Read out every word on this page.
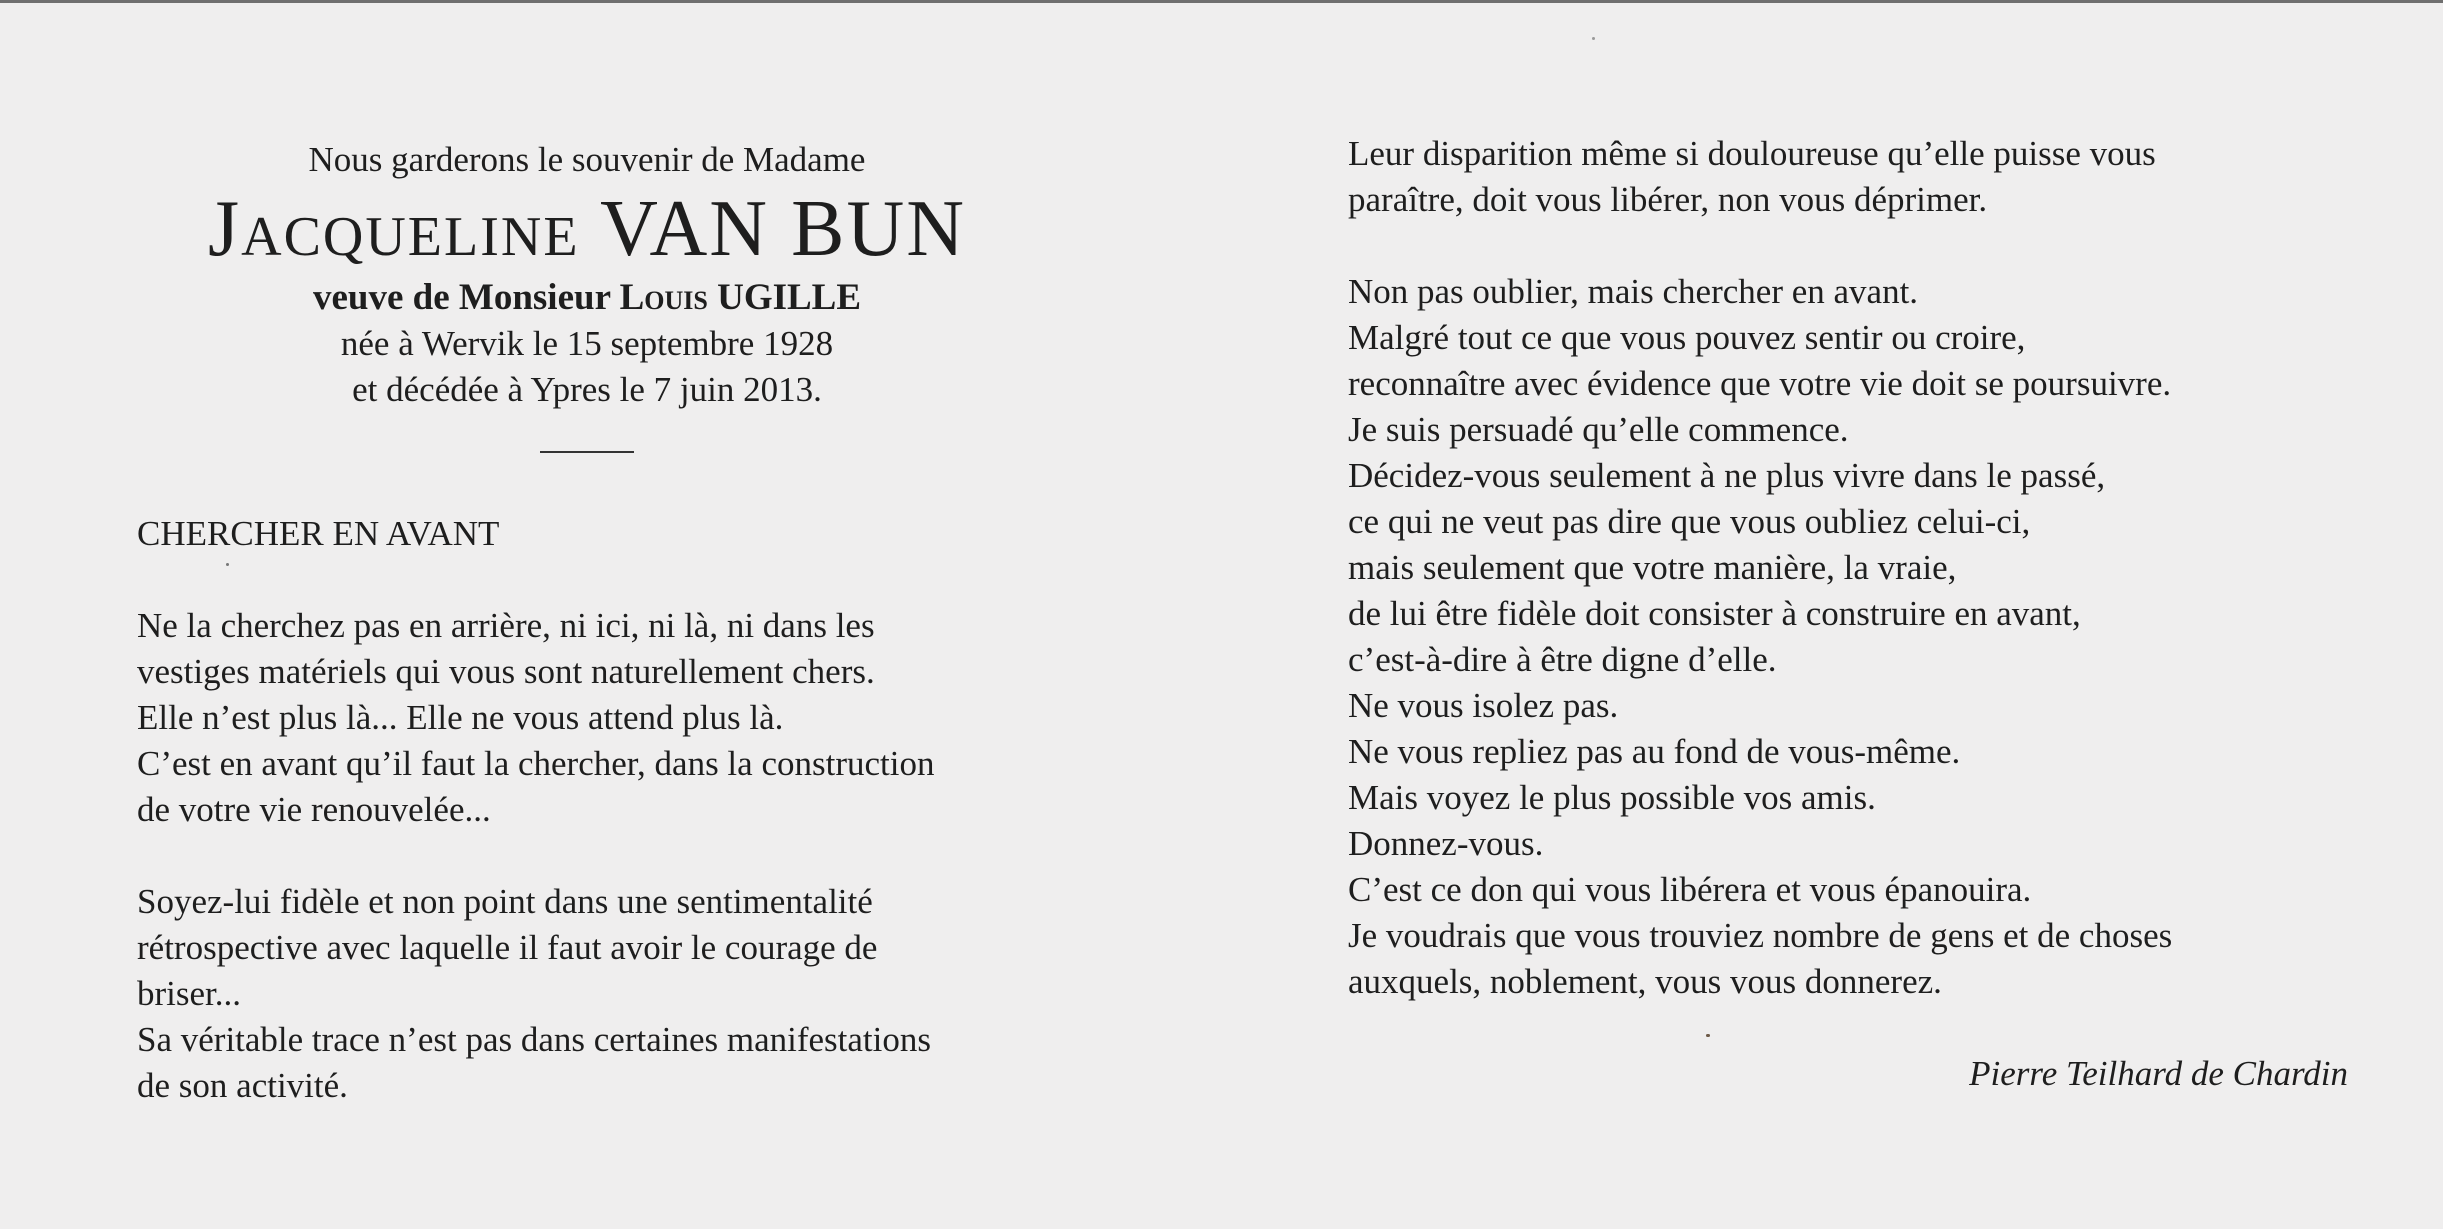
Nous garderons le souvenir de Madame

Jacqueline VAN BUN

veuve de Monsieur Louis UGILLE

née à Wervik le 15 septembre 1928

et décédée à Ypres le 7 juin 2013.

CHERCHER EN AVANT

Ne la cherchez pas en arrière, ni ici, ni là, ni dans les
vestiges matériels qui vous sont naturellement chers.
Elle n’est plus là... Elle ne vous attend plus là.
C’est en avant qu’il faut la chercher, dans la construction
de votre vie renouvelée...

Soyez-lui fidèle et non point dans une sentimentalité
rétrospective avec laquelle il faut avoir le courage de
briser...
Sa véritable trace n’est pas dans certaines manifestations
de son activité.

Leur disparition même si douloureuse qu’elle puisse vous
paraître, doit vous libérer, non vous déprimer.

Non pas oublier, mais chercher en avant.
Malgré tout ce que vous pouvez sentir ou croire,
reconnaître avec évidence que votre vie doit se poursuivre.
Je suis persuadé qu’elle commence.
Décidez-vous seulement à ne plus vivre dans le passé,
ce qui ne veut pas dire que vous oubliez celui-ci,
mais seulement que votre manière, la vraie,
de lui être fidèle doit consister à construire en avant,
c’est-à-dire à être digne d’elle.
Ne vous isolez pas.
Ne vous repliez pas au fond de vous-même.
Mais voyez le plus possible vos amis.
Donnez-vous.
C’est ce don qui vous libérera et vous épanouira.
Je voudrais que vous trouviez nombre de gens et de choses
auxquels, noblement, vous vous donnerez.

Pierre Teilhard de Chardin
